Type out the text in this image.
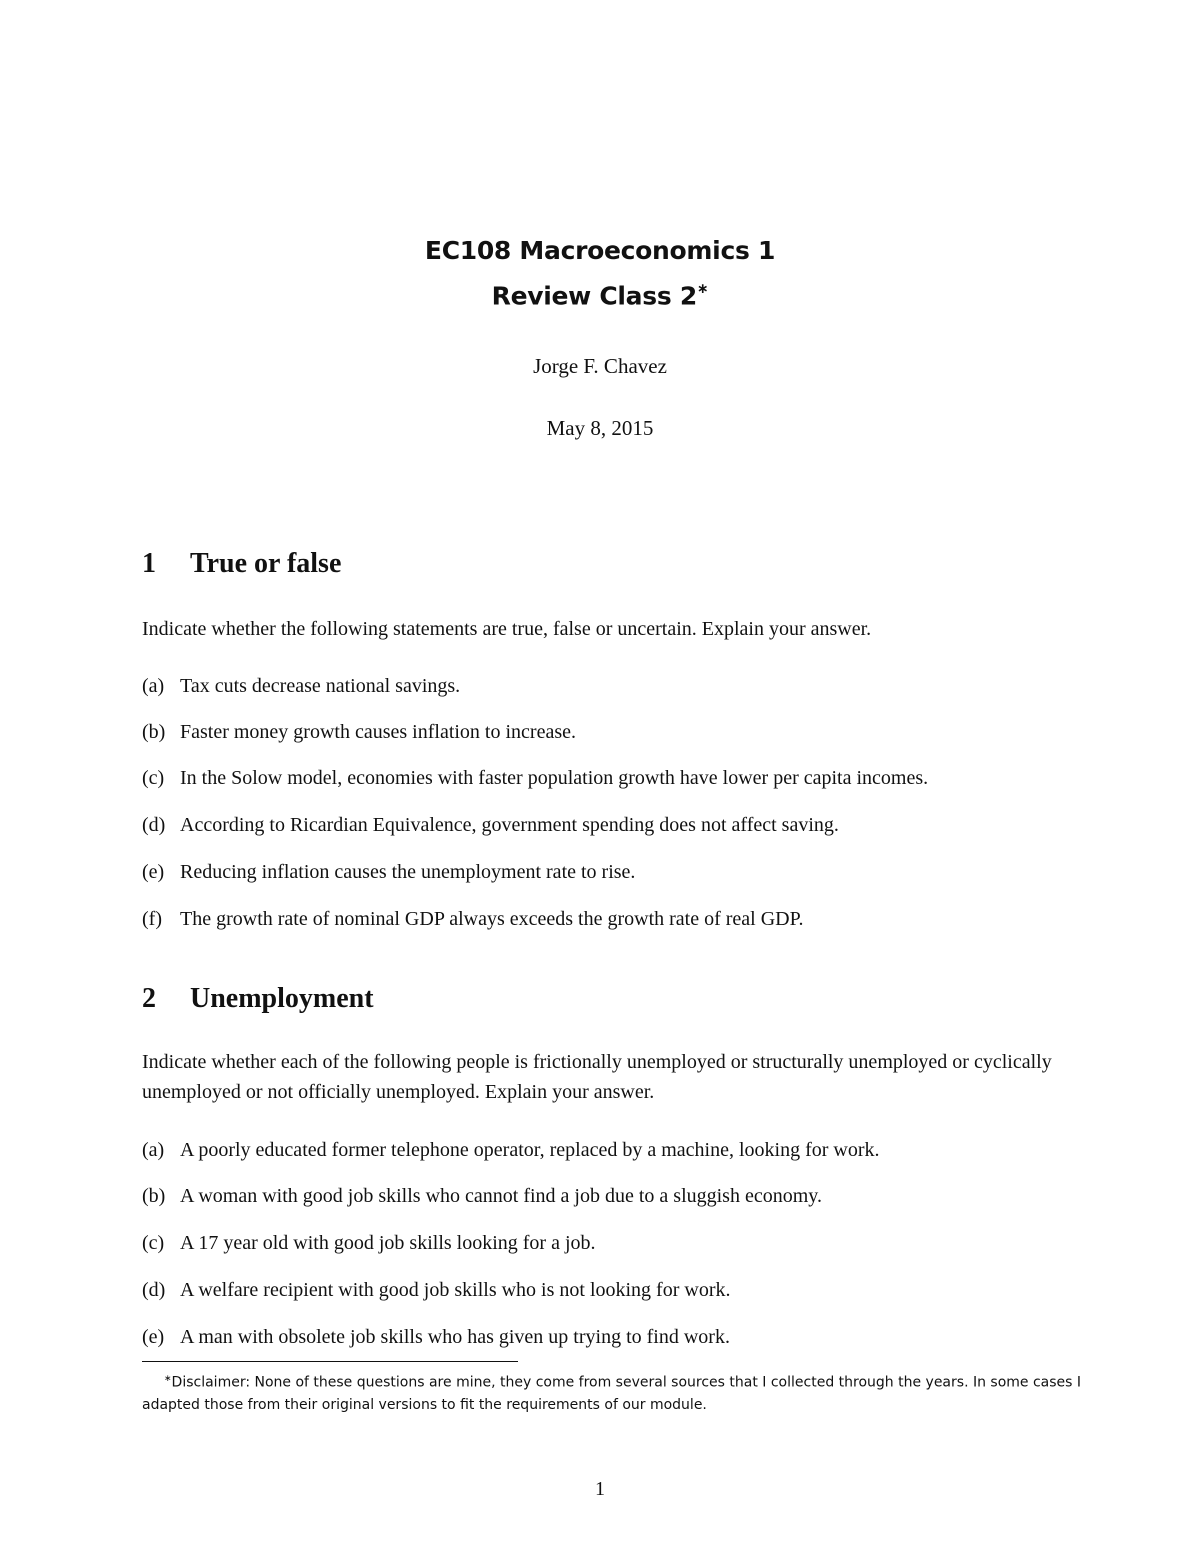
EC108 Macroeconomics 1
Review Class 2∗
Jorge F. Chavez
May 8, 2015
1 True or false
Indicate whether the following statements are true, false or uncertain. Explain your answer.
(a) Tax cuts decrease national savings.
(b) Faster money growth causes inflation to increase.
(c) In the Solow model, economies with faster population growth have lower per capita incomes.
(d) According to Ricardian Equivalence, government spending does not affect saving.
(e) Reducing inflation causes the unemployment rate to rise.
(f) The growth rate of nominal GDP always exceeds the growth rate of real GDP.
2 Unemployment
Indicate whether each of the following people is frictionally unemployed or structurally unemployed or cyclically unemployed or not officially unemployed. Explain your answer.
(a) A poorly educated former telephone operator, replaced by a machine, looking for work.
(b) A woman with good job skills who cannot find a job due to a sluggish economy.
(c) A 17 year old with good job skills looking for a job.
(d) A welfare recipient with good job skills who is not looking for work.
(e) A man with obsolete job skills who has given up trying to find work.
∗Disclaimer: None of these questions are mine, they come from several sources that I collected through the years. In some cases I adapted those from their original versions to fit the requirements of our module.
1
